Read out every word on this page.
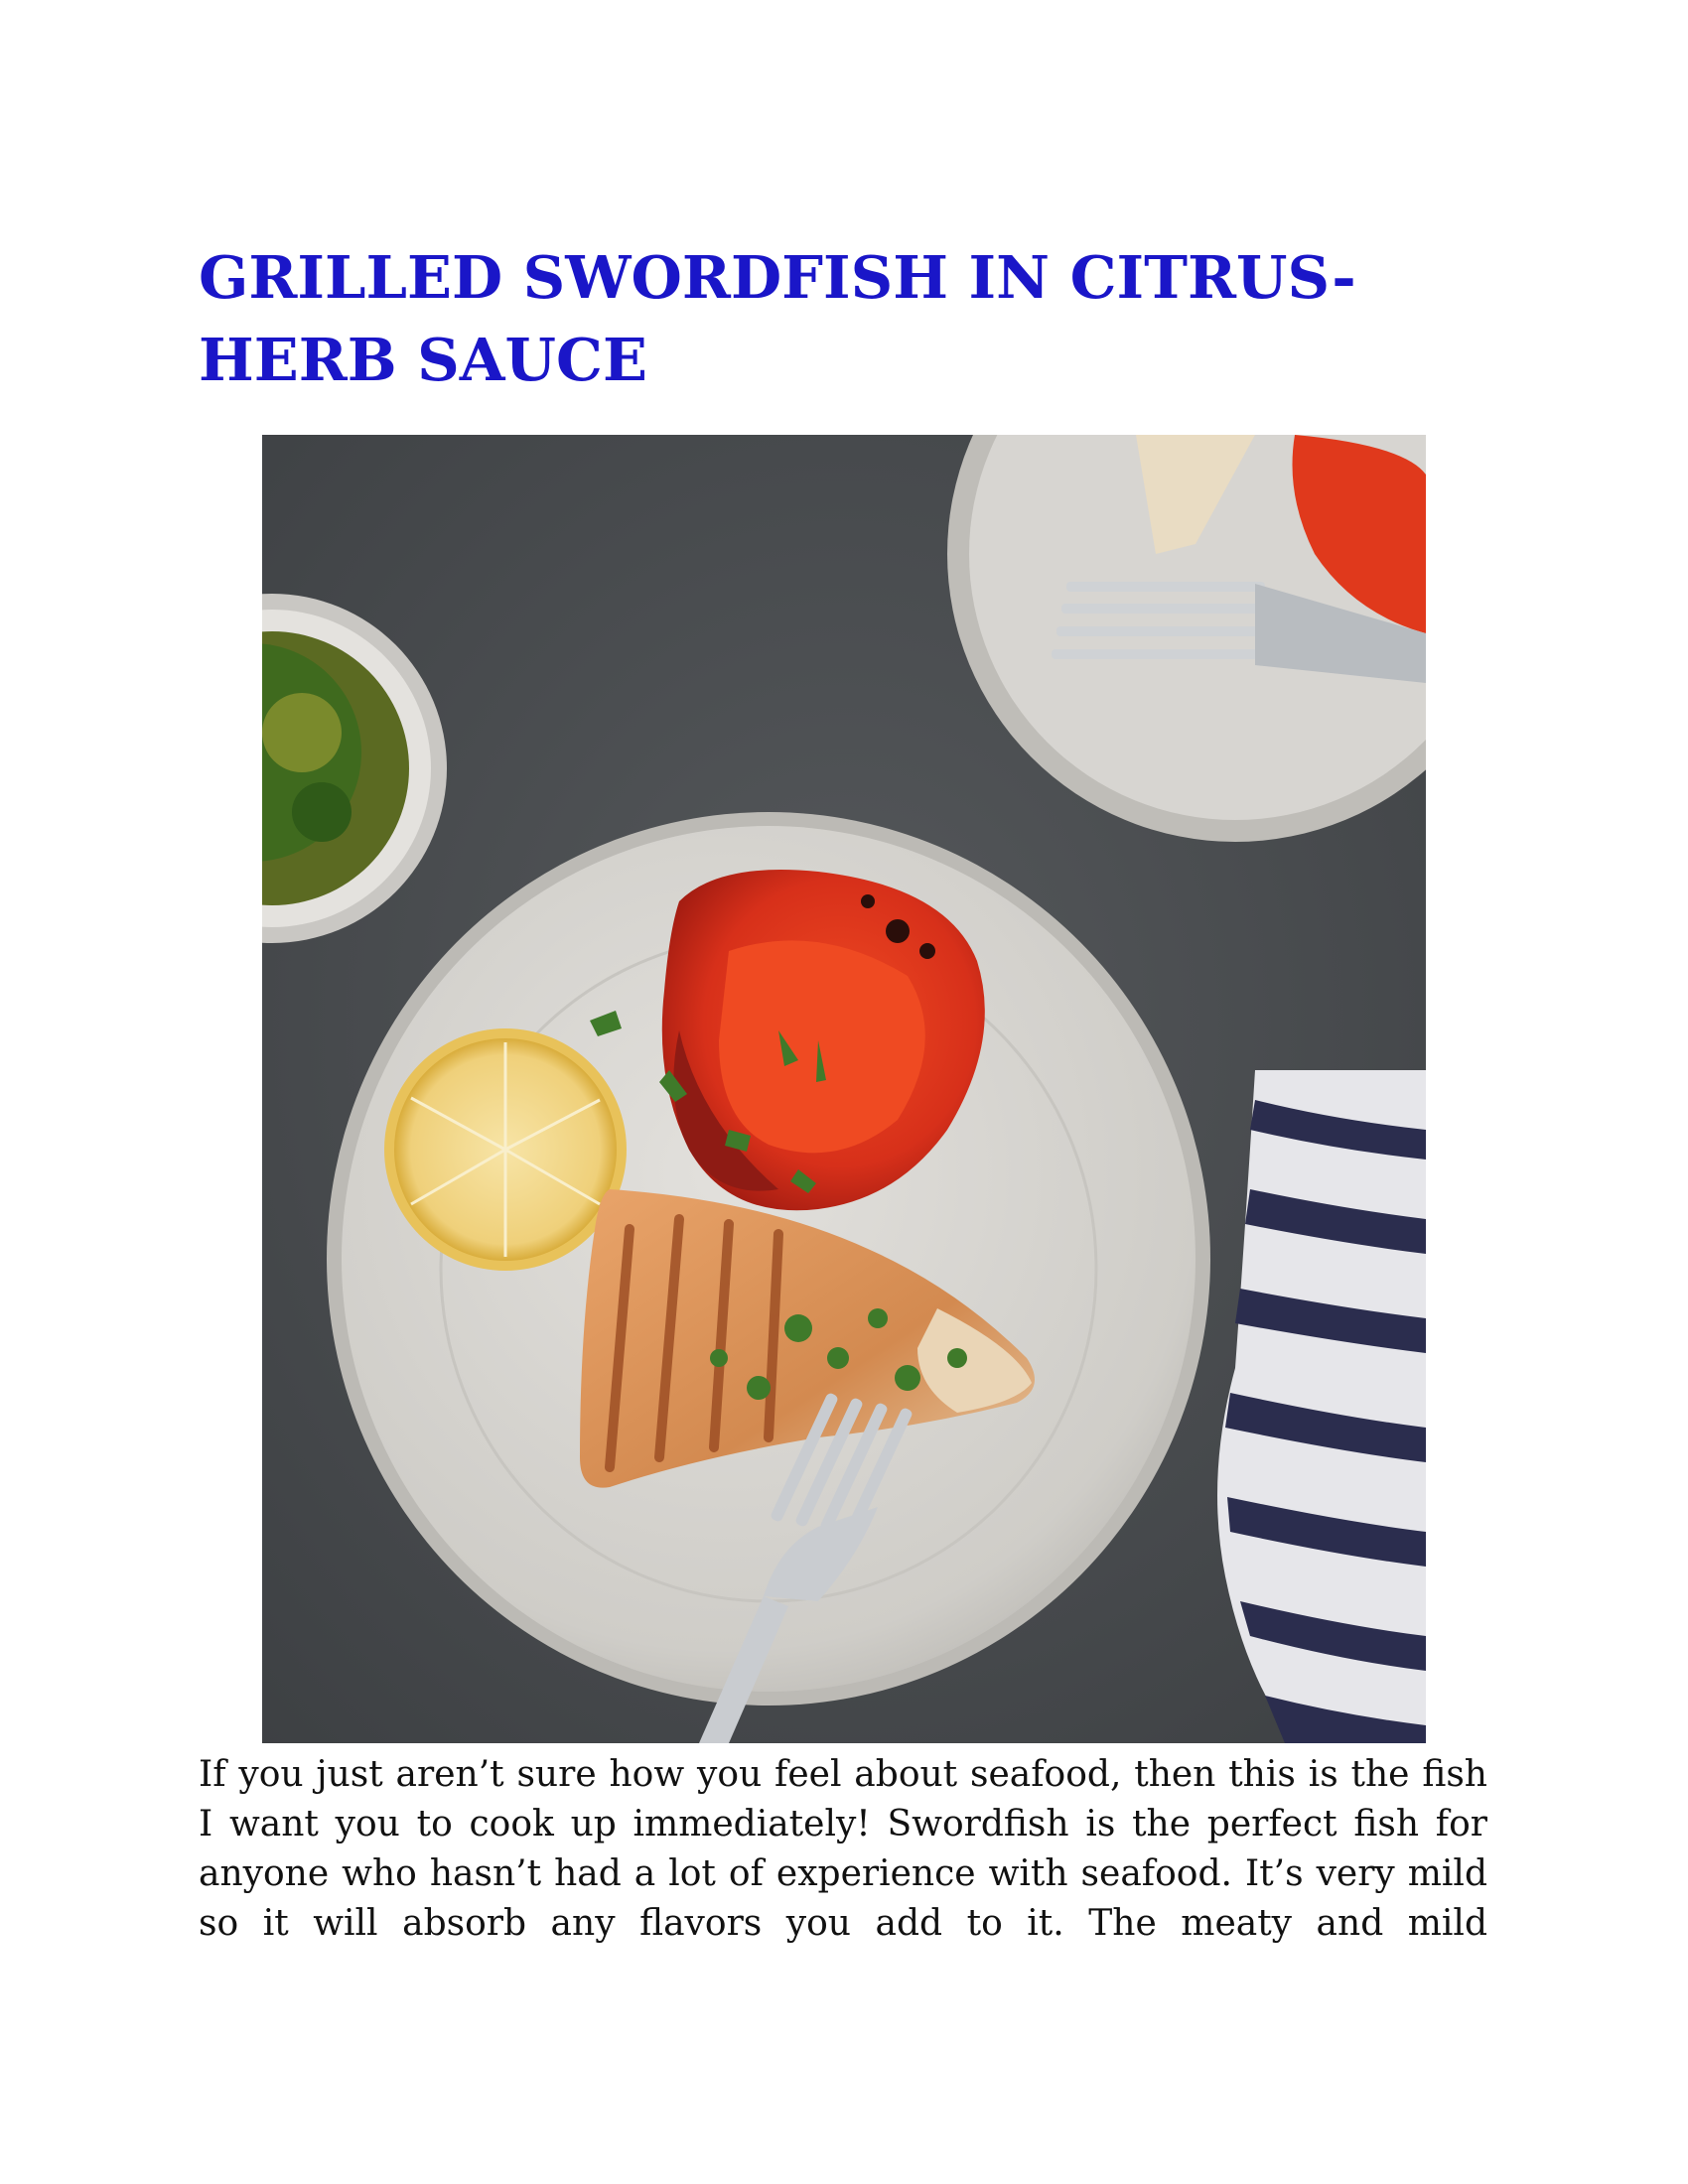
GRILLED SWORDFISH IN CITRUS-HERB SAUCE

If you just aren’t sure how you feel about seafood, then this is the fish I want you to cook up immediately! Swordfish is the perfect fish for anyone who hasn’t had a lot of experience with seafood. It’s very mild so it will absorb any flavors you add to it. The meaty and mild
